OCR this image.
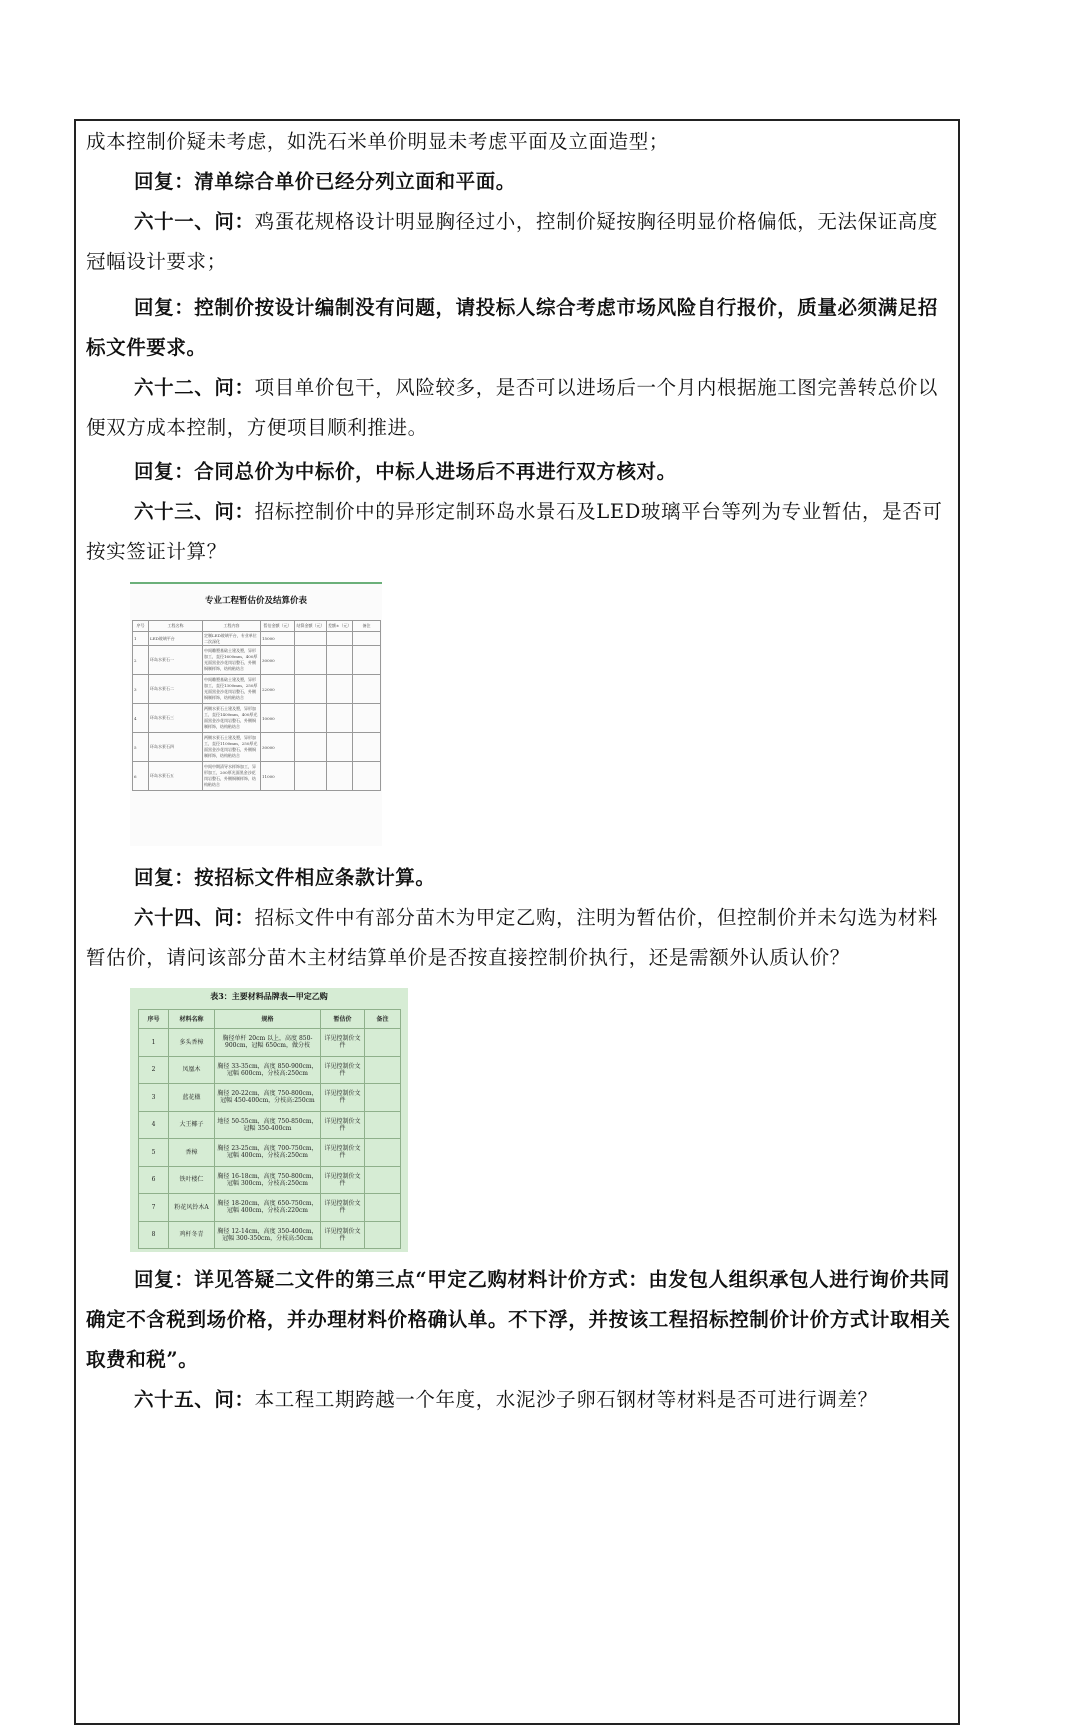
成本控制价疑未考虑，如洗石米单价明显未考虑平面及立面造型；

回复：清单综合单价已经分列立面和平面。

六十一、问：鸡蛋花规格设计明显胸径过小，控制价疑按胸径明显价格偏低，无法保证高度冠幅设计要求；

回复：控制价按设计编制没有问题，请投标人综合考虑市场风险自行报价，质量必须满足招标文件要求。

六十二、问：项目单价包干，风险较多，是否可以进场后一个月内根据施工图完善转总价以便双方成本控制，方便项目顺利推进。

回复：合同总价为中标价，中标人进场后不再进行双方核对。

六十三、问：招标控制价中的异形定制环岛水景石及LED玻璃平台等列为专业暂估，是否可按实签证计算？

专业工程暂估价及结算价表
序号	工程名称	工程内容	暂估金额（元）	结算金额（元）	差额±（元）	备注
1	LED玻璃平台	定制LED玻璃平台，专业单位二次深化	15000			
2	环岛水景石一	中间雕塑基础土建及塑，异形加工，直径1600mm，400厚光面黑金沙花岗岩整石，外侧铜制样饰，结构粘结合	30000			
3	环岛水景石二	中间雕塑基础土建及塑，异形加工，直径1300mm，250厚光面黑金沙花岗岩整石，外侧铜制样饰，结构粘结合	22000			
4	环岛水景石三	两侧水景石土建及塑，异形加工，直径1400mm，400厚光面黑金沙花岗岩整石，外侧铜制样饰，结构粘结合	10000			
5	环岛水景石四	两侧水景石土建及塑，异形加工，直径1100mm，250厚光面黑金沙花岗岩整石，外侧铜制样饰，结构粘结合	30000			
6	环岛水景石五	中间中期清导水样饰加工，异形加工，200厚光面黑金沙花岗岩整石，外侧铜制样饰，结构粘结合	11000			

回复：按招标文件相应条款计算。

六十四、问：招标文件中有部分苗木为甲定乙购，注明为暂估价，但控制价并未勾选为材料暂估价，请问该部分苗木主材结算单价是否按直接控制价执行，还是需额外认质认价？

表3：主要材料品牌表—甲定乙购
序号	材料名称	规格	暂估价	备注
1	多头香樟	胸径单杆 20cm 以上，高度 850-900cm，冠幅 650cm，做分枝	详见控制价文件	
2	凤凰木	胸径 33-35cm，高度 850-900cm，冠幅 600cm，分枝高:250cm	详见控制价文件	
3	蓝花楹	胸径 20-22cm，高度 750-800cm，冠幅 450-400cm，分枝高:250cm	详见控制价文件	
4	大王椰子	地径 50-55cm，高度 750-850cm，冠幅 350-400cm	详见控制价文件	
5	香樟	胸径 23-25cm，高度 700-750cm，冠幅 400cm，分枝高:250cm	详见控制价文件	
6	铁叶楼仁	胸径 16-18cm，高度 750-800cm，冠幅 300cm，分枝高:250cm	详见控制价文件	
7	粉花风铃木A	胸径 18-20cm，高度 650-750cm，冠幅 400cm，分枝高:220cm	详见控制价文件	
8	鸡杆冬青	胸径 12-14cm，高度 350-400cm，冠幅 300-350cm，分枝高:50cm	详见控制价文件	

回复：详见答疑二文件的第三点“甲定乙购材料计价方式：由发包人组织承包人进行询价共同确定不含税到场价格，并办理材料价格确认单。不下浮，并按该工程招标控制价计价方式计取相关取费和税”。

六十五、问：本工程工期跨越一个年度，水泥沙子卵石钢材等材料是否可进行调差？
